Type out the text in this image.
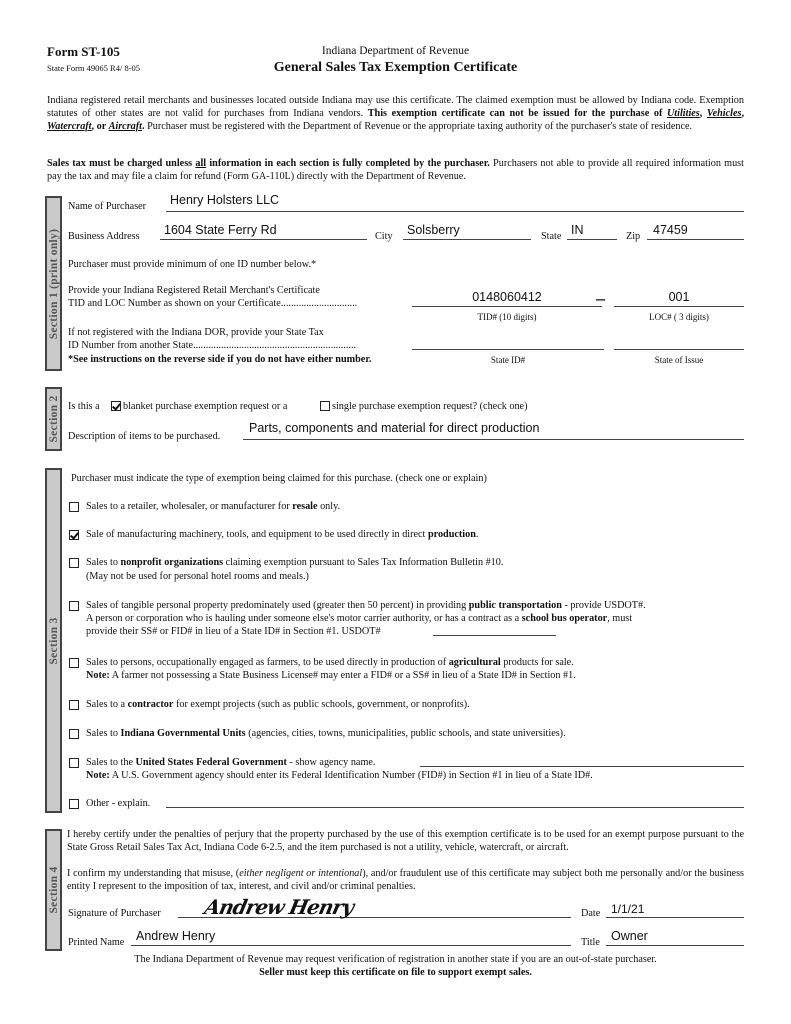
Form ST-105
State Form 49065 R4/ 8-05
Indiana Department of Revenue
General Sales Tax Exemption Certificate
Indiana registered retail merchants and businesses located outside Indiana may use this certificate. The claimed exemption must be allowed by Indiana code. Exemption statutes of other states are not valid for purchases from Indiana vendors. This exemption certificate can not be issued for the purchase of Utilities, Vehicles, Watercraft, or Aircraft. Purchaser must be registered with the Department of Revenue or the appropriate taxing authority of the purchaser's state of residence.
Sales tax must be charged unless all information in each section is fully completed by the purchaser. Purchasers not able to provide all required information must pay the tax and may file a claim for refund (Form GA-110L) directly with the Department of Revenue.
Section 1 (print only)
Name of Purchaser Henry Holsters LLC
Business Address 1604 State Ferry Rd	City Solsberry	State IN	Zip 47459
Purchaser must provide minimum of one ID number below.*
Provide your Indiana Registered Retail Merchant's Certificate
TID and LOC Number as shown on your Certificate..............................	0148060412	–	001
TID# (10 digits)	LOC# ( 3 digits)
If not registered with the Indiana DOR, provide your State Tax
ID Number from another State................................................................
*See instructions on the reverse side if you do not have either number.	State ID#	State of Issue
Section 2 Is this a blanket purchase exemption request or a	single purchase exemption request? (check one)
Description of items to be purchased.
Parts, components and material for direct production
Section 3
Purchaser must indicate the type of exemption being claimed for this purchase. (check one or explain)
Sales to a retailer, wholesaler, or manufacturer for resale only.
Sale of manufacturing machinery, tools, and equipment to be used directly in direct production.
Sales to nonprofit organizations claiming exemption pursuant to Sales Tax Information Bulletin #10.
(May not be used for personal hotel rooms and meals.)
Sales of tangible personal property predominately used (greater then 50 percent) in providing public transportation - provide USDOT#.
A person or corporation who is hauling under someone else's motor carrier authority, or has a contract as a school bus operator, must
provide their SS# or FID# in lieu of a State ID# in Section #1. USDOT#
Sales to persons, occupationally engaged as farmers, to be used directly in production of agricultural products for sale.
Note: A farmer not possessing a State Business License# may enter a FID# or a SS# in lieu of a State ID# in Section #1.
Sales to a contractor for exempt projects (such as public schools, government, or nonprofits).
Sales to Indiana Governmental Units (agencies, cities, towns, municipalities, public schools, and state universities).
Sales to the United States Federal Government - show agency name.
Note: A U.S. Government agency should enter its Federal Identification Number (FID#) in Section #1 in lieu of a State ID#.
Other - explain.
Section 4
I hereby certify under the penalties of perjury that the property purchased by the use of this exemption certificate is to be used for an exempt purpose pursuant to the State Gross Retail Sales Tax Act, Indiana Code 6-2.5, and the item purchased is not a utility, vehicle, watercraft, or aircraft.
I confirm my understanding that misuse, (either negligent or intentional), and/or fraudulent use of this certificate may subject both me personally and/or the business entity I represent to the imposition of tax, interest, and civil and/or criminal penalties.
Signature of Purchaser Andrew Henry	Date 1/1/21
Printed Name Andrew Henry	Title Owner
The Indiana Department of Revenue may request verification of registration in another state if you are an out-of-state purchaser.
Seller must keep this certificate on file to support exempt sales.
